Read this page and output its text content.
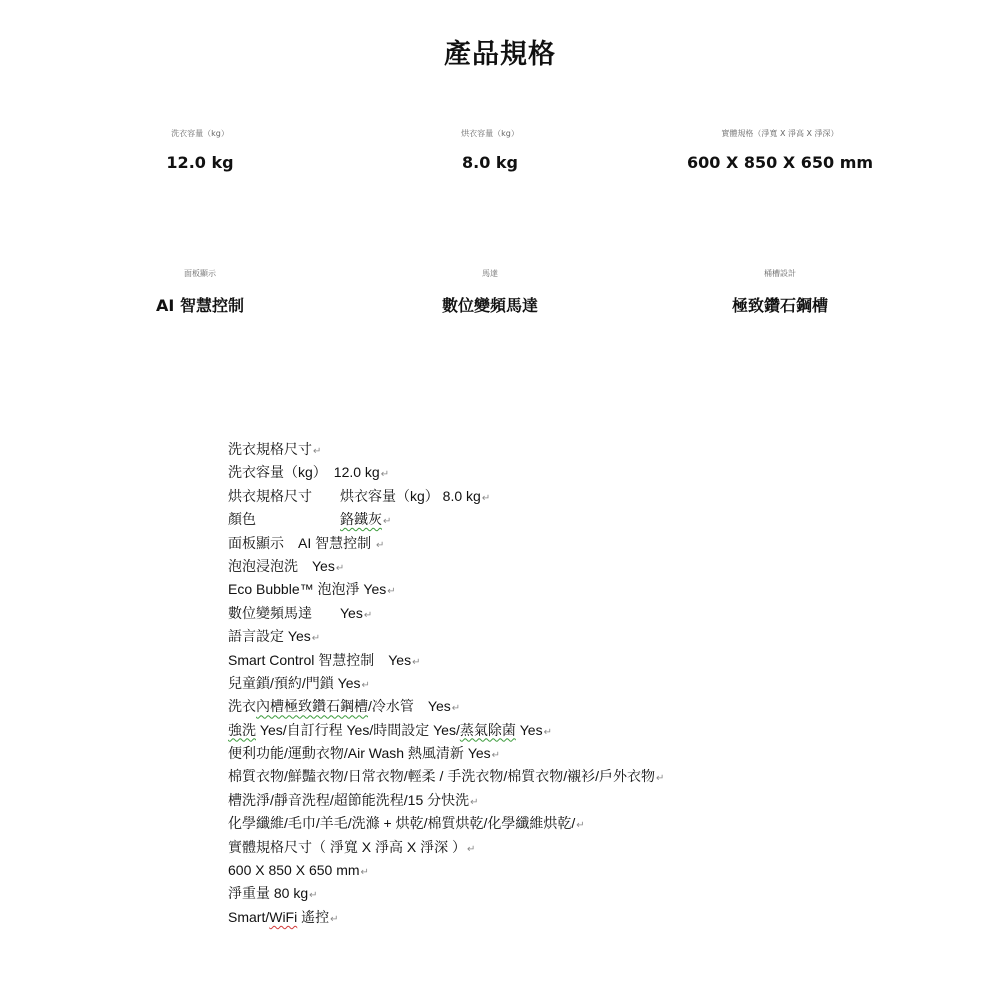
產品規格
洗衣容量（kg）
12.0 kg
烘衣容量（kg）
8.0 kg
實體規格（淨寬 X 淨高 X 淨深）
600 X 850 X 650 mm
面板顯示
AI 智慧控制
馬達
數位變頻馬達
桶槽設計
極致鑽石鋼槽
洗衣規格尺寸↵
洗衣容量（kg）　12.0 kg↵
烘衣規格尺寸　　烘衣容量（kg） 8.0 kg↵
顏色　　　　　　鉻鐵灰↵
面板顯示　AI 智慧控制 ↵
泡泡浸泡洗　Yes↵
Eco Bubble™ 泡泡淨 Yes↵
數位變頻馬達　　Yes↵
語言設定 Yes↵
Smart Control 智慧控制　Yes↵
兒童鎖/預約/門鎖 Yes↵
洗衣內槽極致鑽石鋼槽/冷水管　Yes↵
強洗 Yes/自訂行程 Yes/時間設定 Yes/蒸氣除菌 Yes↵
便利功能/運動衣物/Air Wash 熱風清新 Yes↵
棉質衣物/鮮豔衣物/日常衣物/輕柔 / 手洗衣物/棉質衣物/襯衫/戶外衣物↵
槽洗淨/靜音洗程/超節能洗程/15 分快洗↵
化學纖維/毛巾/羊毛/洗滌 + 烘乾/棉質烘乾/化學纖維烘乾/↵
實體規格尺寸（ 淨寬 X 淨高 X 淨深 ）↵
600 X 850 X 650 mm↵
淨重量 80 kg↵
Smart/WiFi 遙控↵
